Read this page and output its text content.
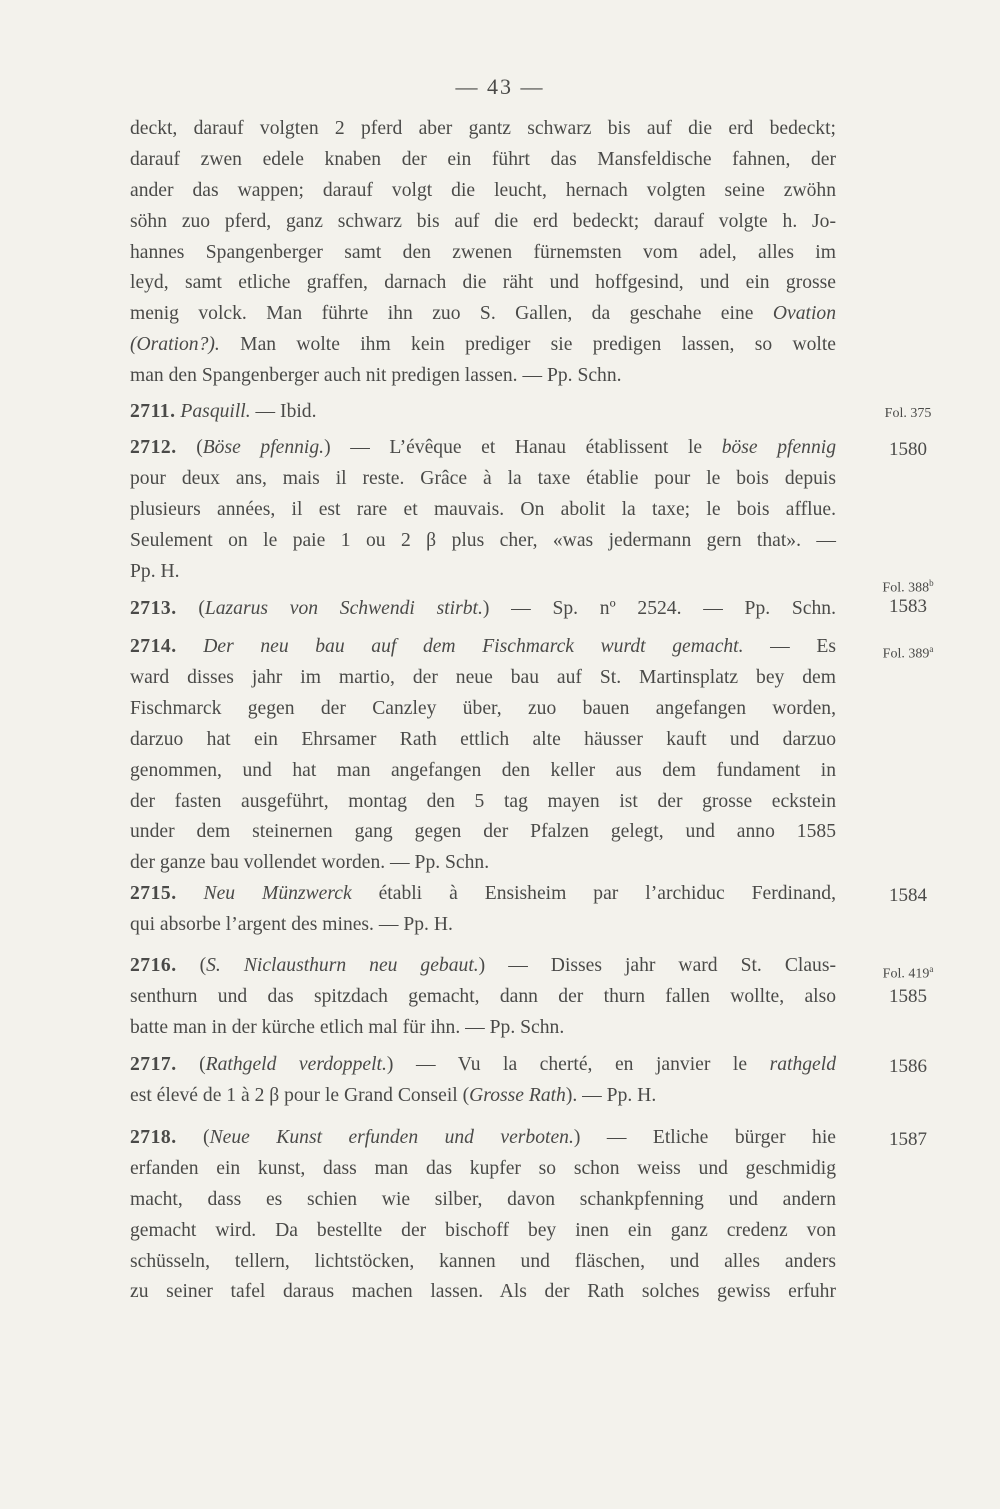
— 43 —
deckt, darauf volgten 2 pferd aber gantz schwarz bis auf die erd bedeckt;
darauf zwen edele knaben der ein führt das Mansfeldische fahnen, der
ander das wappen; darauf volgt die leucht, hernach volgten seine zwöhn
söhn zuo pferd, ganz schwarz bis auf die erd bedeckt; darauf volgte h. Jo-
hannes Spangenberger samt den zwenen fürnemsten vom adel, alles im
leyd, samt etliche graffen, darnach die räht und hoffgesind, und ein grosse
menig volck. Man führte ihn zuo S. Gallen, da geschahe eine Ovation
(Oration?). Man wolte ihm kein prediger sie predigen lassen, so wolte
man den Spangenberger auch nit predigen lassen. — Pp. Schn.
2711. Pasquill. — Ibid.	Fol. 375
2712. (Böse pfennig.) — L’évêque et Hanau établissent le böse pfennig	1580
pour deux ans, mais il reste. Grâce à la taxe établie pour le bois depuis
plusieurs années, il est rare et mauvais. On abolit la taxe; le bois afflue.
Seulement on le paie 1 ou 2 β plus cher, «was jedermann gern that». —
Pp. H.
Fol. 388$^b$
2713. (Lazarus von Schwendi stirbt.) — Sp. nº 2524. — Pp. Schn.	1583
2714. Der neu bau auf dem Fischmarck wurdt gemacht. — Es	Fol. 389$^a$
ward disses jahr im martio, der neue bau auf St. Martinsplatz bey dem
Fischmarck gegen der Canzley über, zuo bauen angefangen worden,
darzuo hat ein Ehrsamer Rath ettlich alte häusser kauft und darzuo
genommen, und hat man angefangen den keller aus dem fundament in
der fasten ausgeführt, montag den 5 tag mayen ist der grosse eckstein
under dem steinernen gang gegen der Pfalzen gelegt, und anno 1585
der ganze bau vollendet worden. — Pp. Schn.
2715. Neu Münzwerck établi à Ensisheim par l’archiduc Ferdinand,	1584
qui absorbe l’argent des mines. — Pp. H.
2716. (S. Niclausthurn neu gebaut.) — Disses jahr ward St. Claus-	Fol. 419$^a$
senthurn und das spitzdach gemacht, dann der thurn fallen wollte, also	1585
batte man in der kürche etlich mal für ihn. — Pp. Schn.
2717. (Rathgeld verdoppelt.) — Vu la cherté, en janvier le rathgeld	1586
est élevé de 1 à 2 β pour le Grand Conseil (Grosse Rath). — Pp. H.
2718. (Neue Kunst erfunden und verboten.) — Etliche bürger hie	1587
erfanden ein kunst, dass man das kupfer so schon weiss und geschmidig
macht, dass es schien wie silber, davon schankpfenning und andern
gemacht wird. Da bestellte der bischoff bey inen ein ganz credenz von
schüsseln, tellern, lichtstöcken, kannen und fläschen, und alles anders
zu seiner tafel daraus machen lassen. Als der Rath solches gewiss erfuhr
